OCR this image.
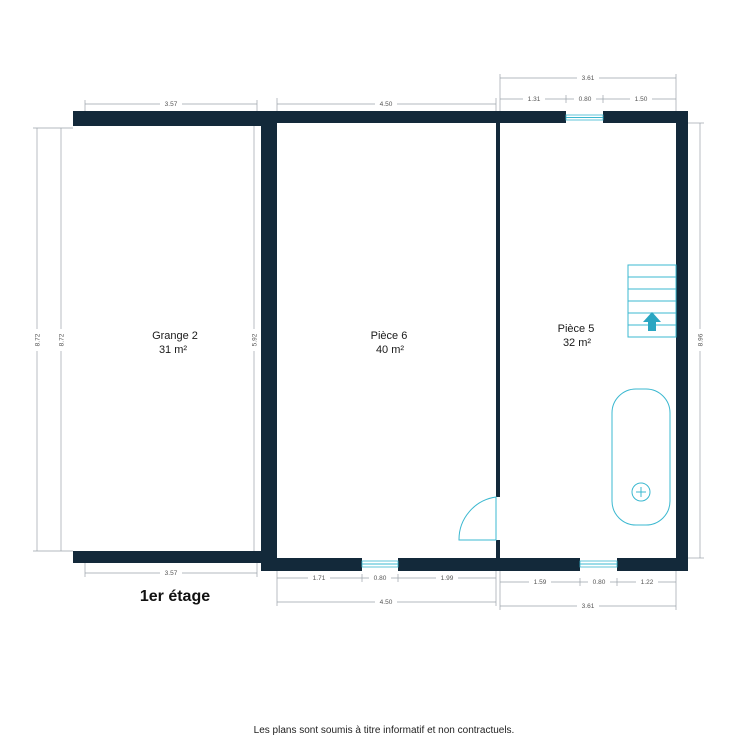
Grange 2
31 m²
Pièce 6
40 m²
Pièce 5
32 m²
3.57	4.50
3.61
1.31	0.80	1.50
8.72	8.72	5.92	8.96
3.57
1.71	0.80	1.99
4.50
1.59	0.80	1.22
3.61
1er étage
Les plans sont soumis à titre informatif et non contractuels.
